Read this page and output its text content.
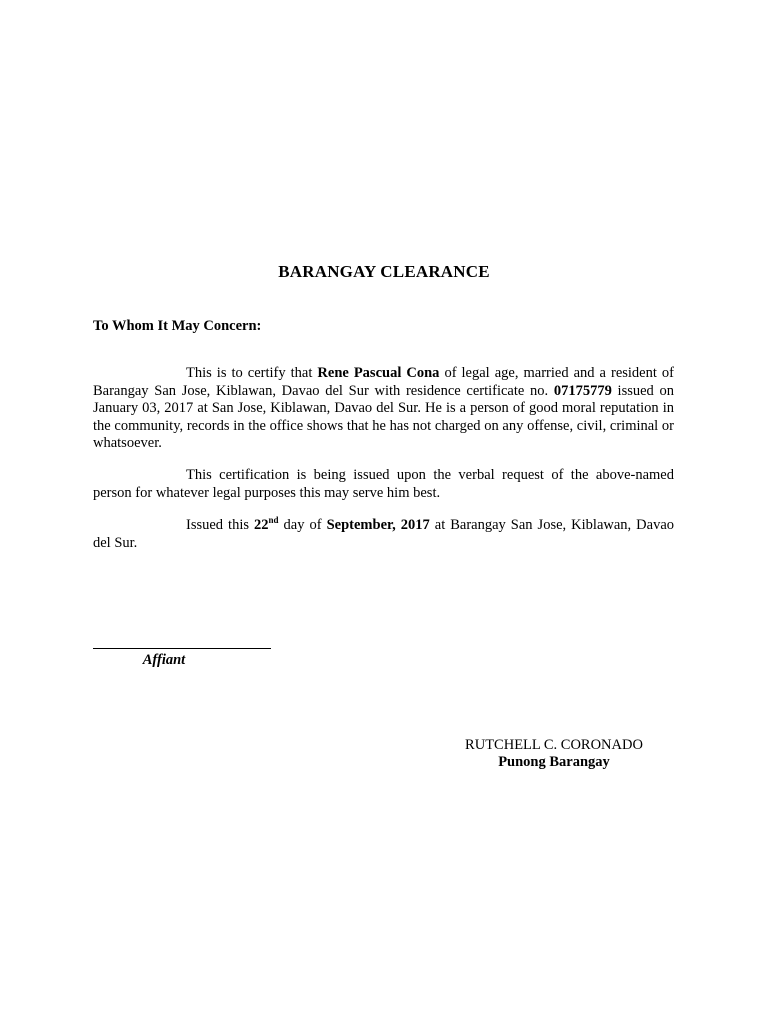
BARANGAY CLEARANCE
To Whom It May Concern:
This is to certify that Rene Pascual Cona of legal age, married and a resident of Barangay San Jose, Kiblawan, Davao del Sur with residence certificate no. 07175779 issued on January 03, 2017 at San Jose, Kiblawan, Davao del Sur. He is a person of good moral reputation in the community, records in the office shows that he has not charged on any offense, civil, criminal or whatsoever.
This certification is being issued upon the verbal request of the above-named person for whatever legal purposes this may serve him best.
Issued this 22nd day of September, 2017 at Barangay San Jose, Kiblawan, Davao del Sur.
Affiant
RUTCHELL C. CORONADO
Punong Barangay
